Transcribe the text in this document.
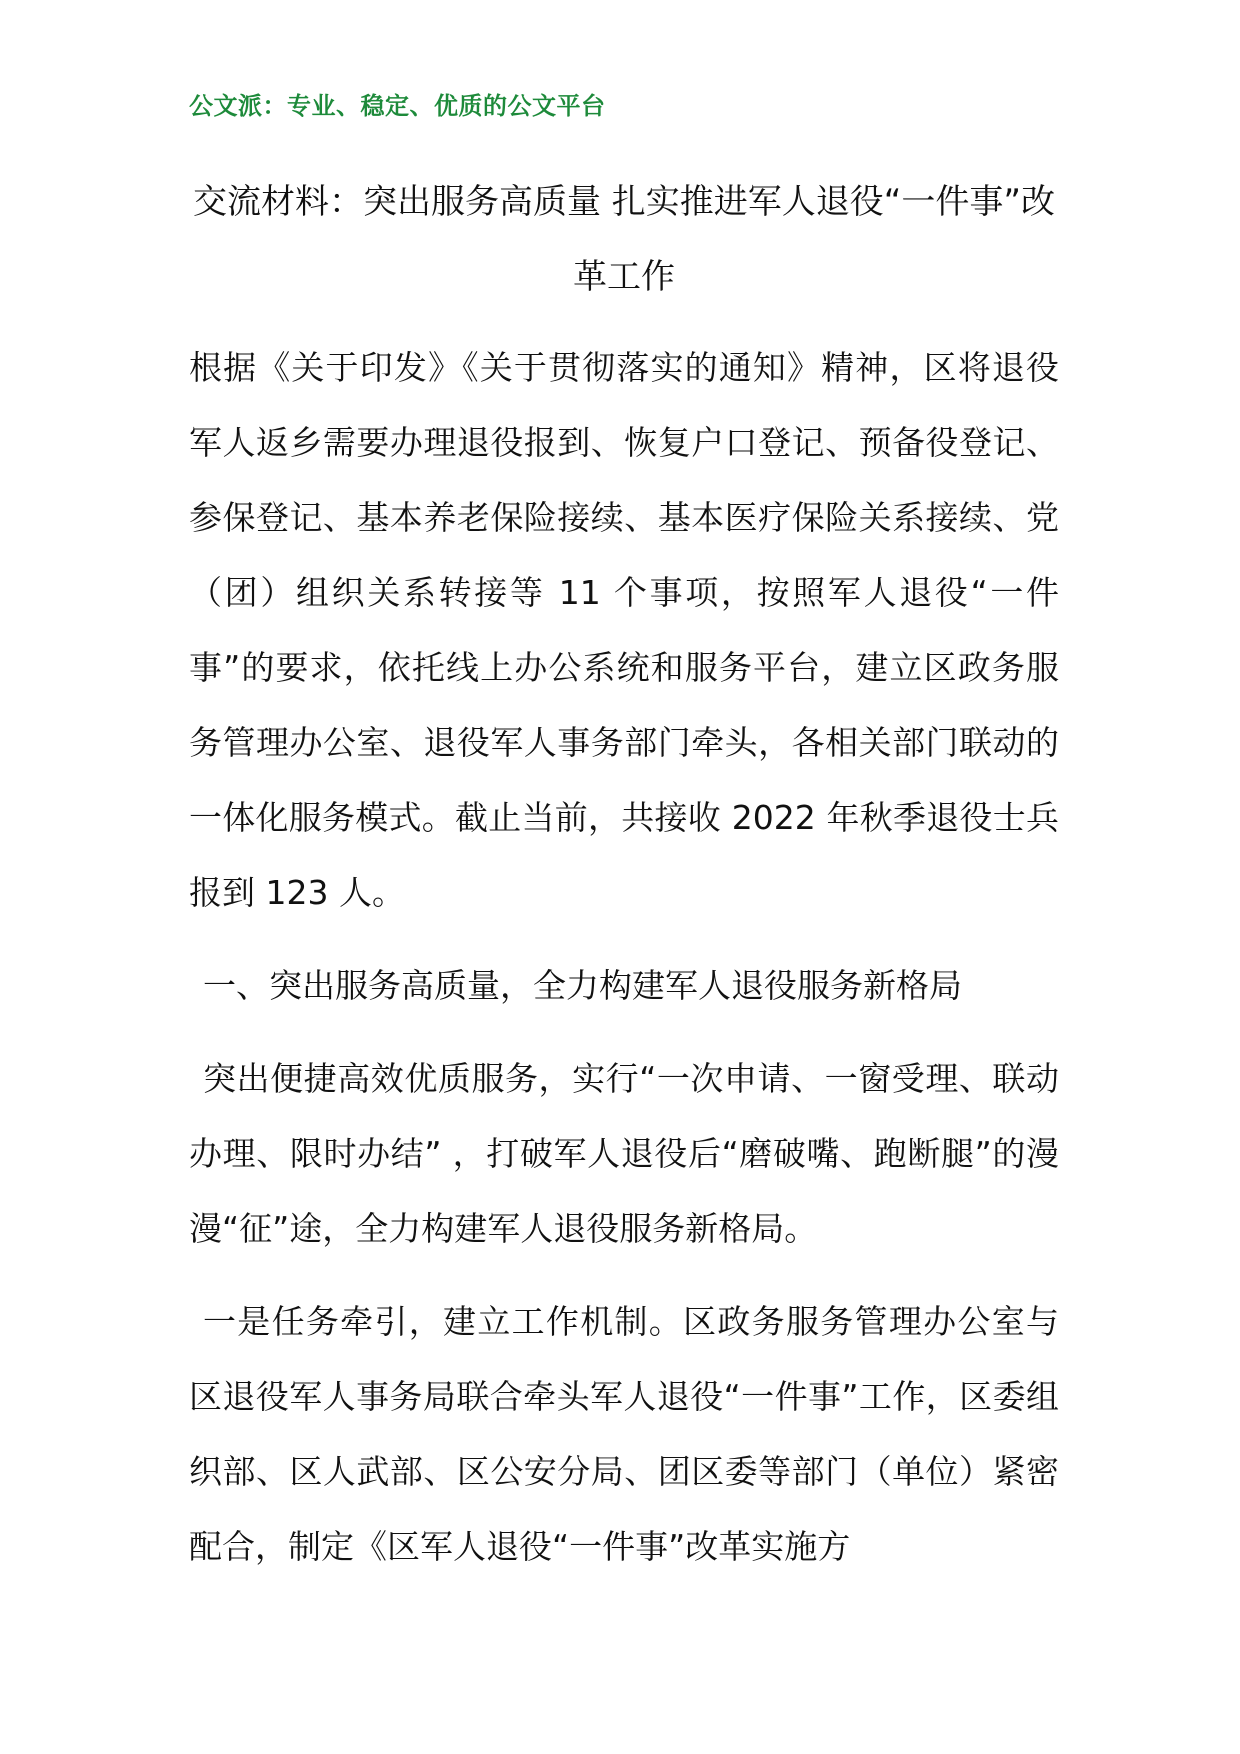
公文派：专业、稳定、优质的公文平台
交流材料：突出服务高质量 扎实推进军人退役“一件事”改革工作

根据《关于印发》《关于贯彻落实的通知》精神，区将退役军人返乡需要办理退役报到、恢复户口登记、预备役登记、参保登记、基本养老保险接续、基本医疗保险关系接续、党（团）组织关系转接等 11 个事项，按照军人退役“一件事”的要求，依托线上办公系统和服务平台，建立区政务服务管理办公室、退役军人事务部门牵头，各相关部门联动的一体化服务模式。截止当前，共接收 2022 年秋季退役士兵报到 123 人。

一、突出服务高质量，全力构建军人退役服务新格局

突出便捷高效优质服务，实行“一次申请、一窗受理、联动办理、限时办结” ，打破军人退役后“磨破嘴、跑断腿”的漫漫“征”途，全力构建军人退役服务新格局。

一是任务牵引，建立工作机制。区政务服务管理办公室与区退役军人事务局联合牵头军人退役“一件事”工作，区委组织部、区人武部、区公安分局、团区委等部门（单位）紧密配合，制定《区军人退役“一件事”改革实施方
